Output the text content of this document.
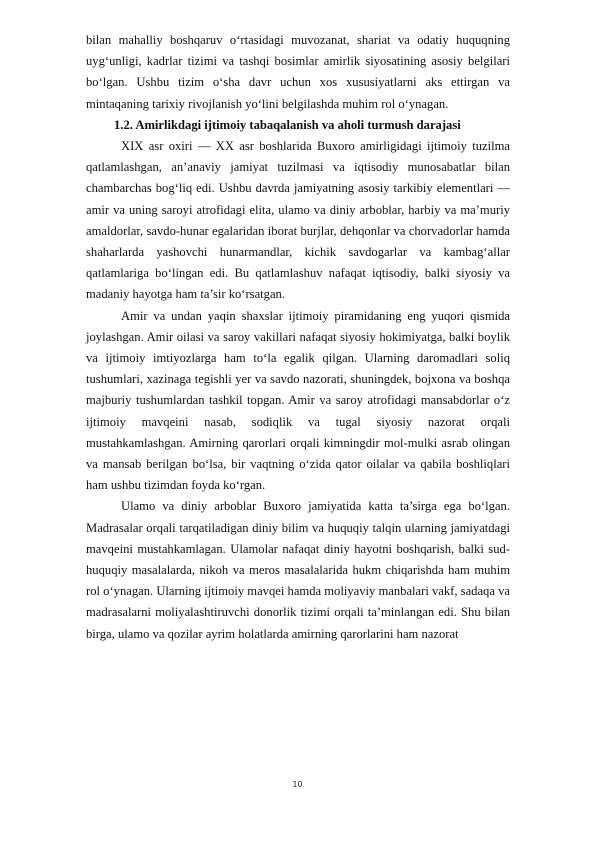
bilan mahalliy boshqaruv o‘rtasidagi muvozanat, shariat va odatiy huquqning uyg‘unligi, kadrlar tizimi va tashqi bosimlar amirlik siyosatining asosiy belgilari bo‘lgan. Ushbu tizim o‘sha davr uchun xos xususiyatlarni aks ettirgan va mintaqaning tarixiy rivojlanish yo‘lini belgilashda muhim rol o‘ynagan.

1.2. Amirlikdagi ijtimoiy tabaqalanish va aholi turmush darajasi

XIX asr oxiri — XX asr boshlarida Buxoro amirligidagi ijtimoiy tuzilma qatlamlashgan, an’anaviy jamiyat tuzilmasi va iqtisodiy munosabatlar bilan chambarchas bog‘liq edi. Ushbu davrda jamiyatning asosiy tarkibiy elementlari — amir va uning saroyi atrofidagi elita, ulamo va diniy arboblar, harbiy va ma’muriy amaldorlar, savdo-hunar egalaridan iborat burjlar, dehqonlar va chorvadorlar hamda shaharlarda yashovchi hunarmandlar, kichik savdogarlar va kambag‘allar qatlamlariga bo‘lingan edi. Bu qatlamlashuv nafaqat iqtisodiy, balki siyosiy va madaniy hayotga ham ta’sir ko‘rsatgan.

Amir va undan yaqin shaxslar ijtimoiy piramidaning eng yuqori qismida joylashgan. Amir oilasi va saroy vakillari nafaqat siyosiy hokimiyatga, balki boylik va ijtimoiy imtiyozlarga ham to‘la egalik qilgan. Ularning daromadlari soliq tushumlari, xazinaga tegishli yer va savdo nazorati, shuningdek, bojxona va boshqa majburiy tushumlardan tashkil topgan. Amir va saroy atrofidagi mansabdorlar o‘z ijtimoiy mavqeini nasab, sodiqlik va tugal siyosiy nazorat orqali mustahkamlashgan. Amirning qarorlari orqali kimningdir mol-mulki asrab olingan va mansab berilgan bo‘lsa, bir vaqtning o‘zida qator oilalar va qabila boshliqlari ham ushbu tizimdan foyda ko‘rgan.

Ulamo va diniy arboblar Buxoro jamiyatida katta ta’sirga ega bo‘lgan. Madrasalar orqali tarqatiladigan diniy bilim va huquqiy talqin ularning jamiyatdagi mavqeini mustahkamlagan. Ulamolar nafaqat diniy hayotni boshqarish, balki sud-huquqiy masalalarda, nikoh va meros masalalarida hukm chiqarishda ham muhim rol o‘ynagan. Ularning ijtimoiy mavqei hamda moliyaviy manbalari vakf, sadaqa va madrasalarni moliyalashtiruvchi donorlik tizimi orqali ta’minlangan edi. Shu bilan birga, ulamo va qozilar ayrim holatlarda amirning qarorlarini ham nazorat

10
